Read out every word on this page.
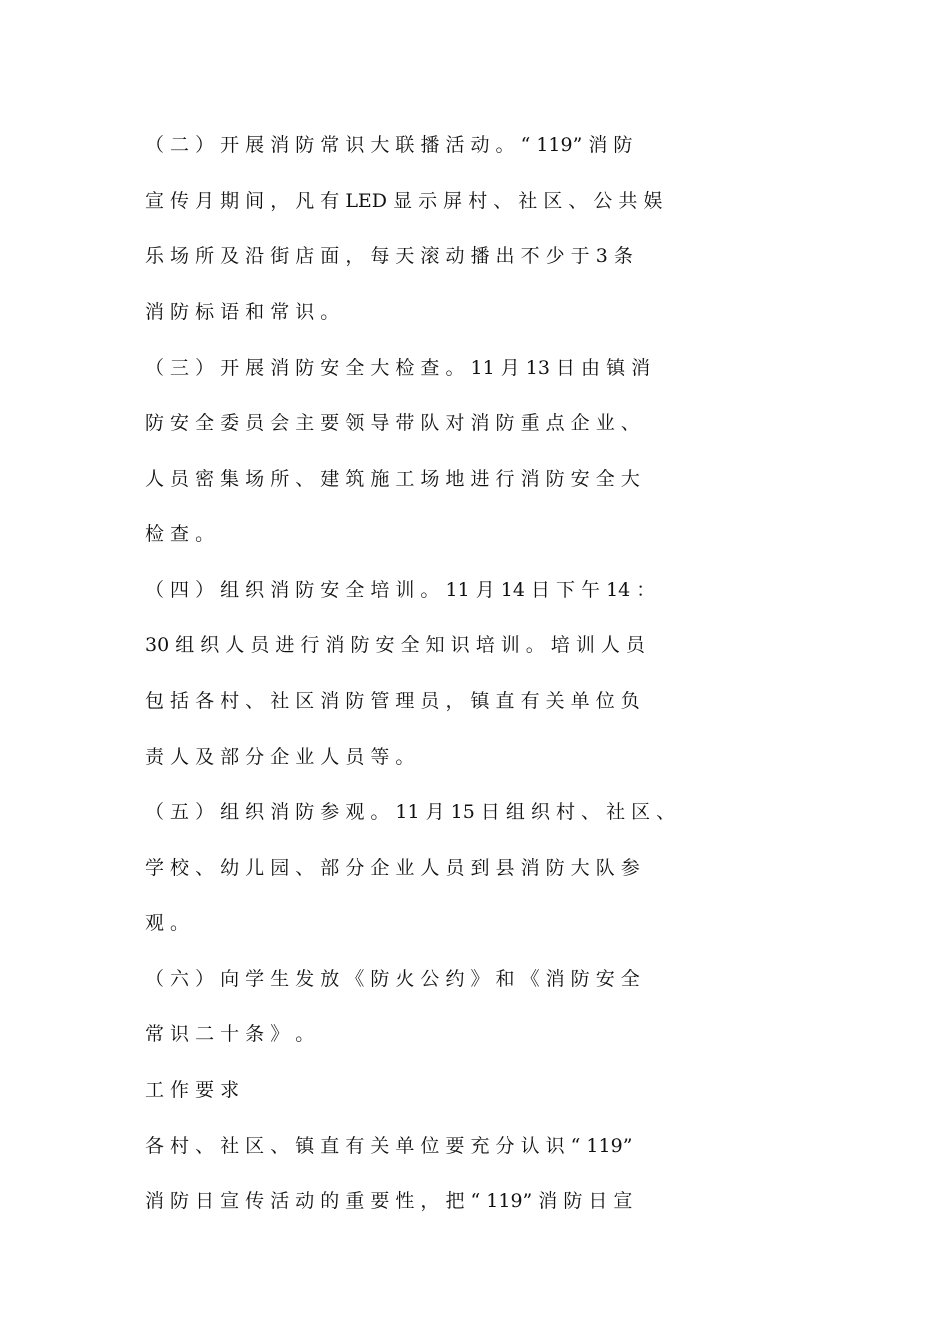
（ 二 ） 开 展 消 防 常 识 大 联 播 活 动 。 “ 119” 消 防
宣 传 月 期 间 ， 凡 有 LED 显 示 屏 村 、 社 区 、 公 共 娱
乐 场 所 及 沿 街 店 面 ， 每 天 滚 动 播 出 不 少 于 3 条
消 防 标 语 和 常 识 。
（ 三 ） 开 展 消 防 安 全 大 检 查 。 11 月 13 日 由 镇 消
防 安 全 委 员 会 主 要 领 导 带 队 对 消 防 重 点 企 业 、
人 员 密 集 场 所 、 建 筑 施 工 场 地 进 行 消 防 安 全 大
检 查 。
（ 四 ） 组 织 消 防 安 全 培 训 。 11 月 14 日 下 午 14 ：
30 组 织 人 员 进 行 消 防 安 全 知 识 培 训 。 培 训 人 员
包 括 各 村 、 社 区 消 防 管 理 员 ， 镇 直 有 关 单 位 负
责 人 及 部 分 企 业 人 员 等 。
（ 五 ） 组 织 消 防 参 观 。 11 月 15 日 组 织 村 、 社 区 、
学 校 、 幼 儿 园 、 部 分 企 业 人 员 到 县 消 防 大 队 参
观 。
（ 六 ） 向 学 生 发 放 《 防 火 公 约 》 和 《 消 防 安 全
常 识 二 十 条 》 。
工 作 要 求
各 村 、 社 区 、 镇 直 有 关 单 位 要 充 分 认 识 “ 119”
消 防 日 宣 传 活 动 的 重 要 性 ， 把 “ 119” 消 防 日 宣
